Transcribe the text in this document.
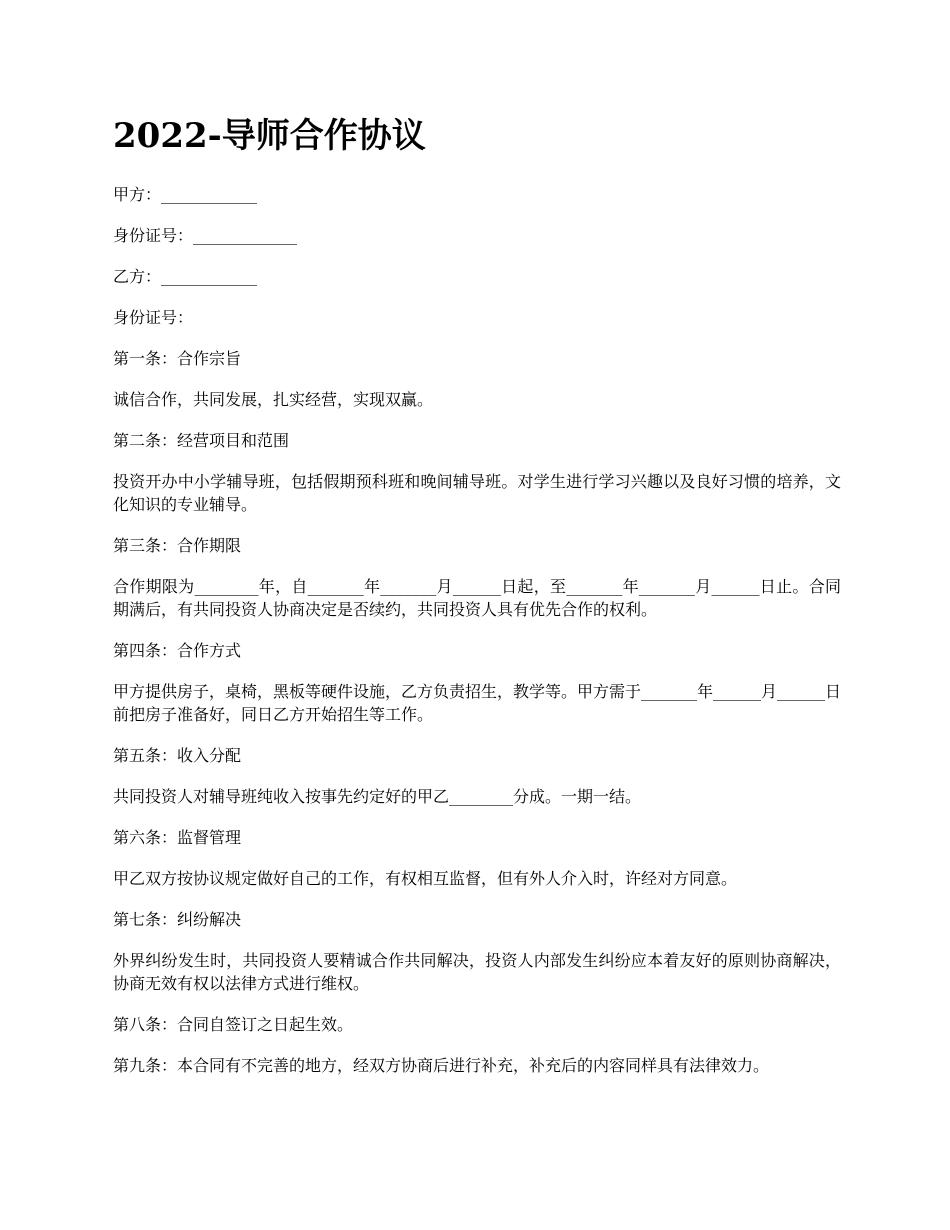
2022-导师合作协议

甲方：____________

身份证号：_____________

乙方：____________

身份证号：

第一条：合作宗旨

诚信合作，共同发展，扎实经营，实现双赢。

第二条：经营项目和范围

投资开办中小学辅导班，包括假期预科班和晚间辅导班。对学生进行学习兴趣以及良好习惯的培养，文化知识的专业辅导。

第三条：合作期限

合作期限为________年，自_______年_______月______日起，至_______年_______月______日止。合同期满后，有共同投资人协商决定是否续约，共同投资人具有优先合作的权利。

第四条：合作方式

甲方提供房子，桌椅，黑板等硬件设施，乙方负责招生，教学等。甲方需于_______年______月______日前把房子准备好，同日乙方开始招生等工作。

第五条：收入分配

共同投资人对辅导班纯收入按事先约定好的甲乙________分成。一期一结。

第六条：监督管理

甲乙双方按协议规定做好自己的工作，有权相互监督，但有外人介入时，许经对方同意。

第七条：纠纷解决

外界纠纷发生时，共同投资人要精诚合作共同解决，投资人内部发生纠纷应本着友好的原则协商解决，协商无效有权以法律方式进行维权。

第八条：合同自签订之日起生效。

第九条：本合同有不完善的地方，经双方协商后进行补充，补充后的内容同样具有法律效力。
